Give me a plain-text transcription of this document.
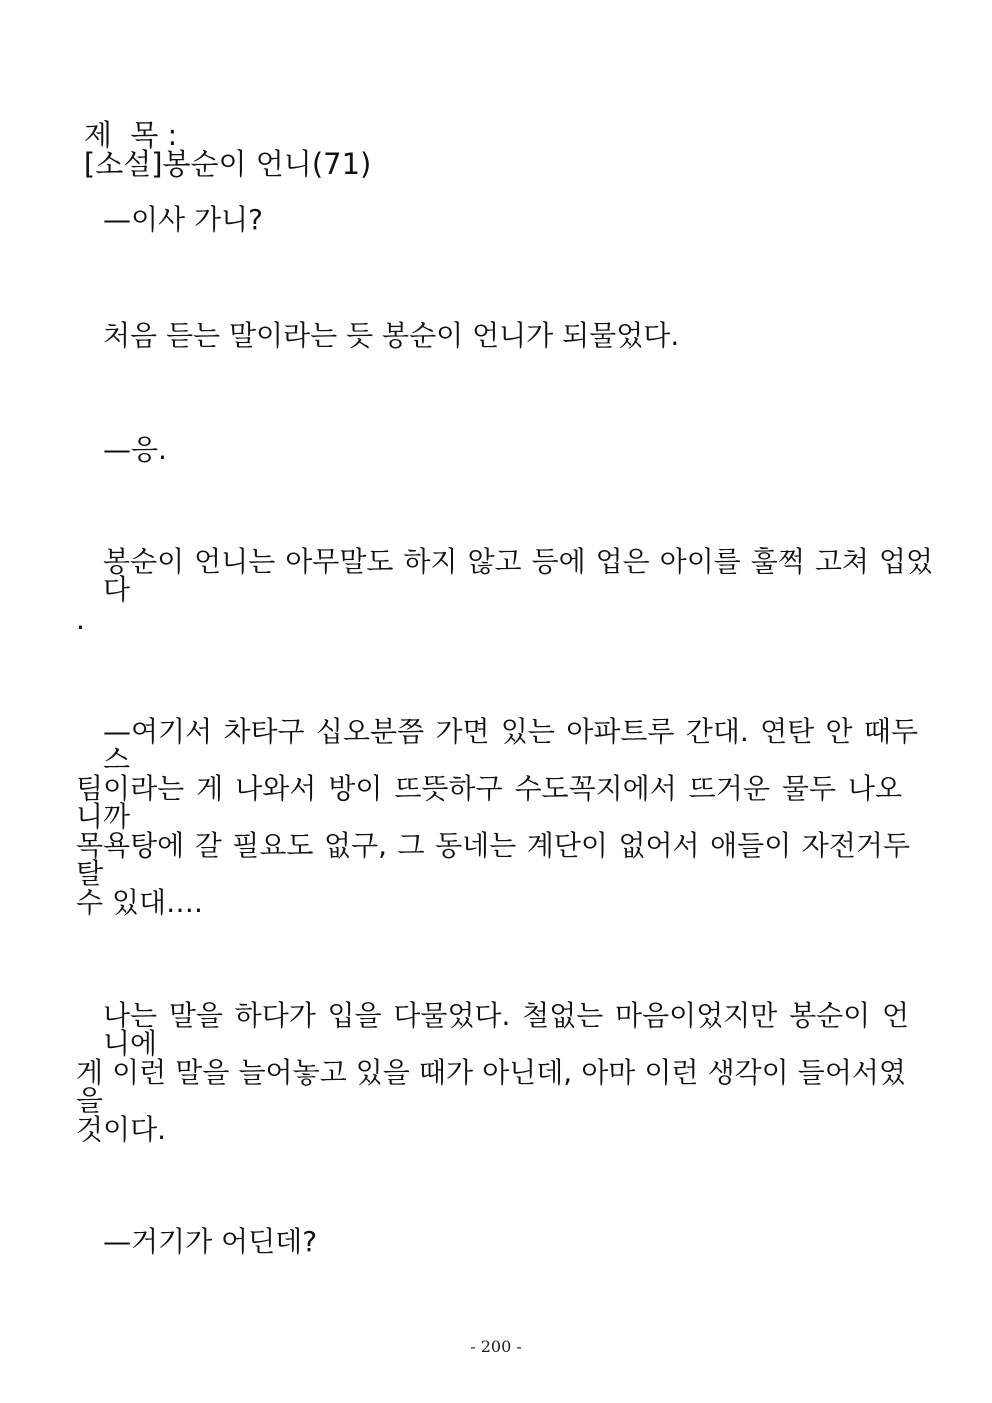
제  목 :
[소설]봉순이 언니(71)

—이사 가니?
처음 듣는 말이라는 듯 봉순이 언니가 되물었다.
—응.
봉순이 언니는 아무말도 하지 않고 등에 업은 아이를 훌쩍 고쳐 업었다
.
—여기서 차타구 십오분쯤 가면 있는 아파트루 간대. 연탄 안 때두 스
팀이라는 게 나와서 방이 뜨뜻하구 수도꼭지에서 뜨거운 물두 나오니까
목욕탕에 갈 필요도 없구, 그 동네는 계단이 없어서 애들이 자전거두 탈
수 있대….
나는 말을 하다가 입을 다물었다. 철없는 마음이었지만 봉순이 언니에
게 이런 말을 늘어놓고 있을 때가 아닌데, 아마 이런 생각이 들어서였을
것이다.
—거기가 어딘데?
- 200 -
